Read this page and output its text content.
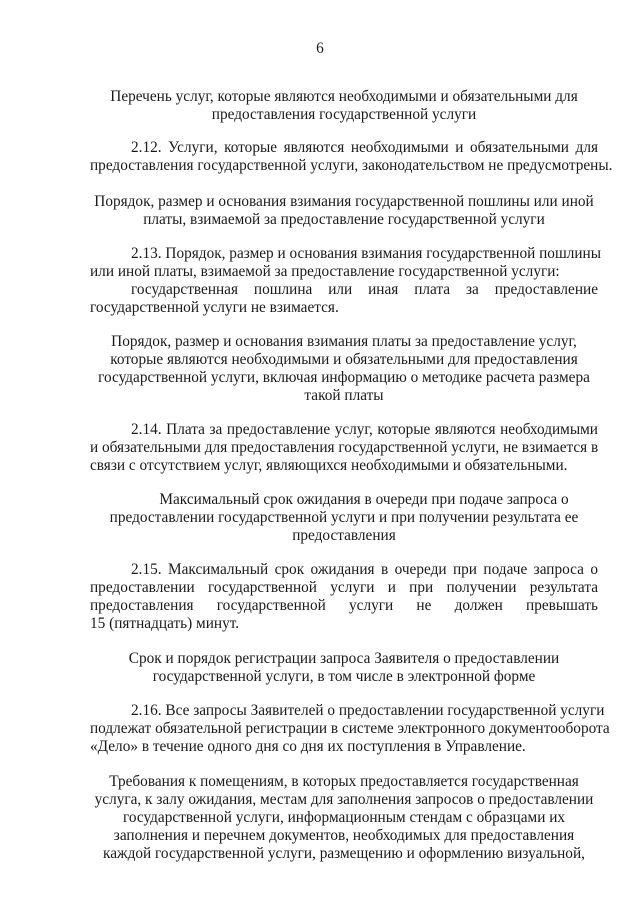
6
Перечень услуг, которые являются необходимыми и обязательными для
предоставления государственной услуги
2.12. Услуги, которые являются необходимыми и обязательными для
предоставления государственной услуги, законодательством не предусмотрены.
Порядок, размер и основания взимания государственной пошлины или иной
платы, взимаемой за предоставление государственной услуги
2.13. Порядок, размер и основания взимания государственной пошлины
или иной платы, взимаемой за предоставление государственной услуги:
государственная пошлина или иная плата за предоставление
государственной услуги не взимается.
Порядок, размер и основания взимания платы за предоставление услуг,
которые являются необходимыми и обязательными для предоставления
государственной услуги, включая информацию о методике расчета размера
такой платы
2.14. Плата за предоставление услуг, которые являются необходимыми
и обязательными для предоставления государственной услуги, не взимается в
связи с отсутствием услуг, являющихся необходимыми и обязательными.
Максимальный срок ожидания в очереди при подаче запроса о
предоставлении государственной услуги и при получении результата ее
предоставления
2.15. Максимальный срок ожидания в очереди при подаче запроса о
предоставлении государственной услуги и при получении результата
предоставления государственной услуги не должен превышать
15 (пятнадцать) минут.
Срок и порядок регистрации запроса Заявителя о предоставлении
государственной услуги, в том числе в электронной форме
2.16. Все запросы Заявителей о предоставлении государственной услуги
подлежат обязательной регистрации в системе электронного документооборота
«Дело» в течение одного дня со дня их поступления в Управление.
Требования к помещениям, в которых предоставляется государственная
услуга, к залу ожидания, местам для заполнения запросов о предоставлении
государственной услуги, информационным стендам с образцами их
заполнения и перечнем документов, необходимых для предоставления
каждой государственной услуги, размещению и оформлению визуальной,
